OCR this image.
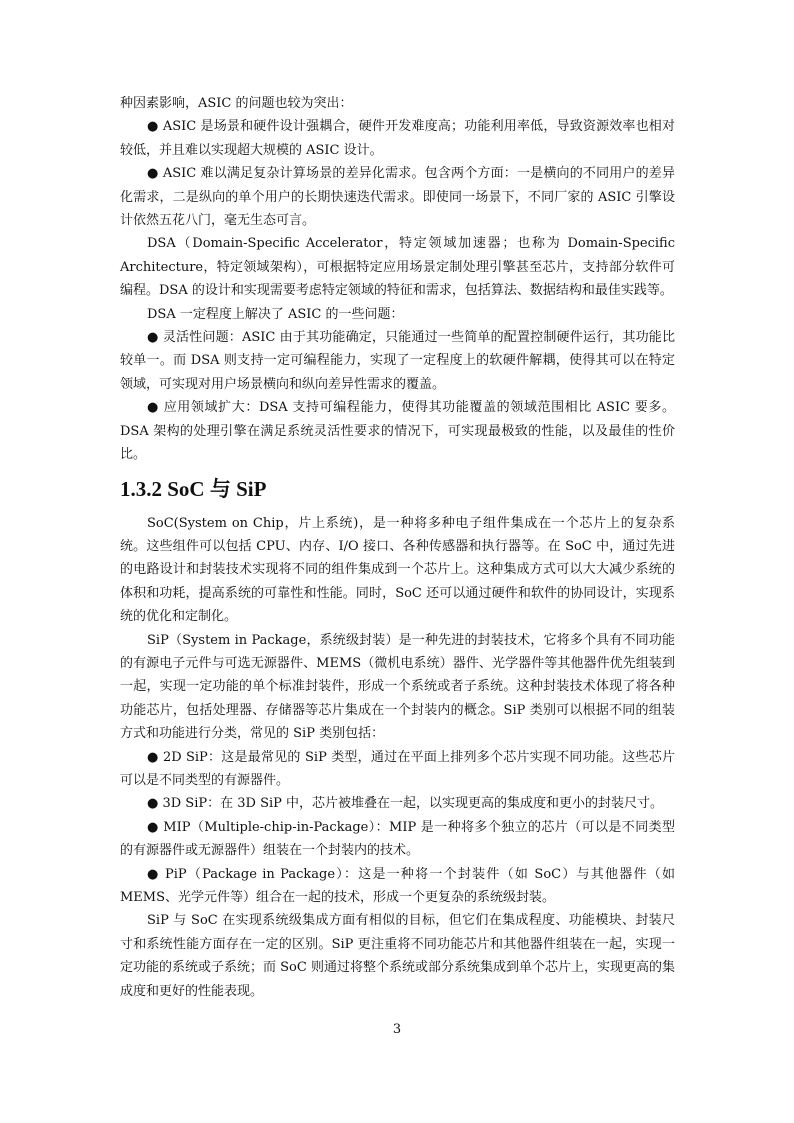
种因素影响，ASIC 的问题也较为突出：

● ASIC 是场景和硬件设计强耦合，硬件开发难度高；功能利用率低，导致资源效率也相对较低，并且难以实现超大规模的 ASIC 设计。

● ASIC 难以满足复杂计算场景的差异化需求。包含两个方面：一是横向的不同用户的差异化需求，二是纵向的单个用户的长期快速迭代需求。即使同一场景下，不同厂家的 ASIC 引擎设计依然五花八门，毫无生态可言。

DSA（Domain-Specific Accelerator，特定领域加速器；也称为 Domain-Specific Architecture，特定领域架构），可根据特定应用场景定制处理引擎甚至芯片，支持部分软件可编程。DSA 的设计和实现需要考虑特定领域的特征和需求，包括算法、数据结构和最佳实践等。

DSA 一定程度上解决了 ASIC 的一些问题：

● 灵活性问题：ASIC 由于其功能确定，只能通过一些简单的配置控制硬件运行，其功能比较单一。而 DSA 则支持一定可编程能力，实现了一定程度上的软硬件解耦，使得其可以在特定领域，可实现对用户场景横向和纵向差异性需求的覆盖。

● 应用领域扩大：DSA 支持可编程能力，使得其功能覆盖的领域范围相比 ASIC 要多。DSA 架构的处理引擎在满足系统灵活性要求的情况下，可实现最极致的性能，以及最佳的性价比。

1.3.2 SoC 与 SiP

SoC(System on Chip，片上系统)，是一种将多种电子组件集成在一个芯片上的复杂系统。这些组件可以包括 CPU、内存、I/O 接口、各种传感器和执行器等。在 SoC 中，通过先进的电路设计和封装技术实现将不同的组件集成到一个芯片上。这种集成方式可以大大减少系统的体积和功耗，提高系统的可靠性和性能。同时，SoC 还可以通过硬件和软件的协同设计，实现系统的优化和定制化。

SiP（System in Package，系统级封装）是一种先进的封装技术，它将多个具有不同功能的有源电子元件与可选无源器件、MEMS（微机电系统）器件、光学器件等其他器件优先组装到一起，实现一定功能的单个标准封装件，形成一个系统或者子系统。这种封装技术体现了将各种功能芯片，包括处理器、存储器等芯片集成在一个封装内的概念。SiP 类别可以根据不同的组装方式和功能进行分类，常见的 SiP 类别包括：

● 2D SiP：这是最常见的 SiP 类型，通过在平面上排列多个芯片实现不同功能。这些芯片可以是不同类型的有源器件。

● 3D SiP：在 3D SiP 中，芯片被堆叠在一起，以实现更高的集成度和更小的封装尺寸。

● MIP（Multiple-chip-in-Package）：MIP 是一种将多个独立的芯片（可以是不同类型的有源器件或无源器件）组装在一个封装内的技术。

● PiP（Package in Package）：这是一种将一个封装件（如 SoC）与其他器件（如 MEMS、光学元件等）组合在一起的技术，形成一个更复杂的系统级封装。

SiP 与 SoC 在实现系统级集成方面有相似的目标，但它们在集成程度、功能模块、封装尺寸和系统性能方面存在一定的区别。SiP 更注重将不同功能芯片和其他器件组装在一起，实现一定功能的系统或子系统；而 SoC 则通过将整个系统或部分系统集成到单个芯片上，实现更高的集成度和更好的性能表现。

3
